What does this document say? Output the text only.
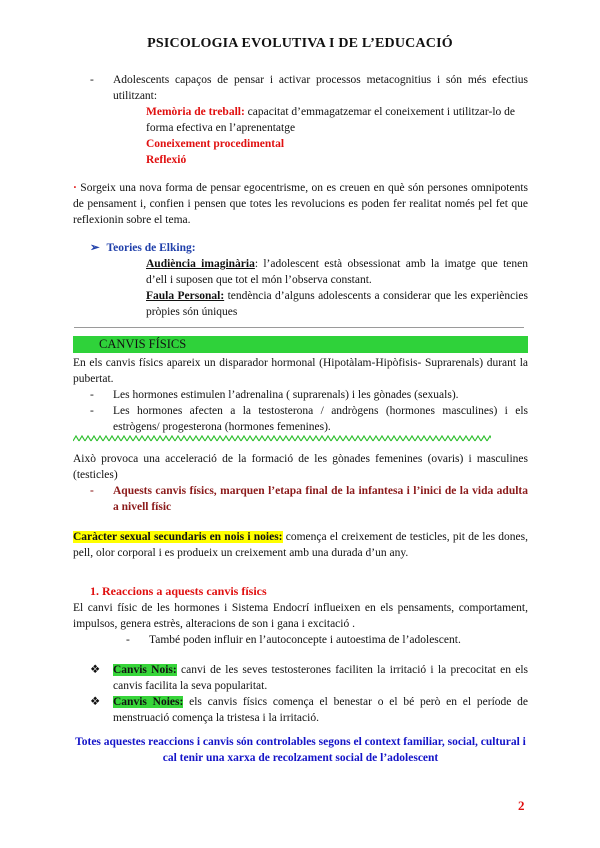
PSICOLOGIA EVOLUTIVA I DE L’EDUCACIÓ
- Adolescents capaços de pensar i activar processos metacognitius i són més efectius utilitzant:
Memòria de treball: capacitat d’emmagatzemar el coneixement i utilitzar-lo de forma efectiva en l’aprenentatge
Coneixement procedimental
Reflexió
· Sorgeix una nova forma de pensar egocentrisme, on es creuen en què són persones omnipotents de pensament i, confien i pensen que totes les revolucions es poden fer realitat només pel fet que reflexionin sobre el tema.
➢ Teories de Elking:
Audiència imaginària: l’adolescent està obsessionat amb la imatge que tenen d’ell i suposen que tot el món l’observa constant.
Faula Personal: tendència d’alguns adolescents a considerar que les experiències pròpies són úniques
CANVIS FÍSICS
En els canvis físics apareix un disparador hormonal (Hipotàlam-Hipòfisis- Suprarenals) durant la pubertat.
- Les hormones estimulen l’adrenalina ( suprarenals) i les gònades (sexuals).
- Les hormones afecten a la testosterona / andrògens (hormones masculines) i els estrògens/ progesterona (hormones femenines).
Això provoca una acceleració de la formació de les gònades femenines (ovaris) i masculines (testicles)
- Aquests canvis físics, marquen l’etapa final de la infantesa i l’inici de la vida adulta a nivell físic
Caràcter sexual secundaris en nois i noies: comença el creixement de testicles, pit de les dones, pell, olor corporal i es produeix un creixement amb una durada d’un any.
1. Reaccions a aquests canvis físics
El canvi físic de les hormones i Sistema Endocrí influeixen en els pensaments, comportament, impulsos, genera estrès, alteracions de son i gana i excitació .
- També poden influir en l’autoconcepte i autoestima de l’adolescent.
❖ Canvis Nois: canvi de les seves testosterones faciliten la irritació i la precocitat en els canvis facilita la seva popularitat.
❖ Canvis Noies: els canvis físics comença el benestar o el bé però en el període de menstruació comença la tristesa i la irritació.
Totes aquestes reaccions i canvis són controlables segons el context familiar, social, cultural i cal tenir una xarxa de recolzament social de l’adolescent
2
